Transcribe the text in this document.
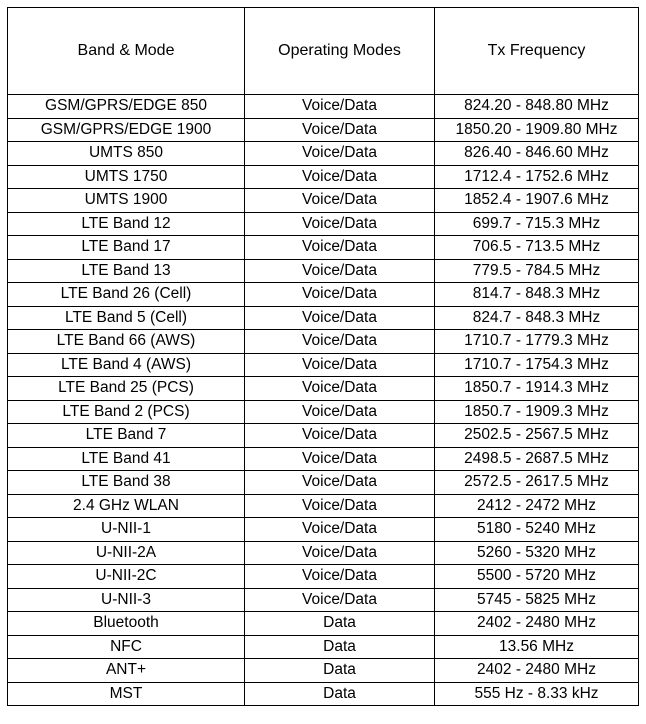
Band & Mode	Operating Modes	Tx Frequency
GSM/GPRS/EDGE 850	Voice/Data	824.20 - 848.80 MHz
GSM/GPRS/EDGE 1900	Voice/Data	1850.20 - 1909.80 MHz
UMTS 850	Voice/Data	826.40 - 846.60 MHz
UMTS 1750	Voice/Data	1712.4 - 1752.6 MHz
UMTS 1900	Voice/Data	1852.4 - 1907.6 MHz
LTE Band 12	Voice/Data	699.7 - 715.3 MHz
LTE Band 17	Voice/Data	706.5 - 713.5 MHz
LTE Band 13	Voice/Data	779.5 - 784.5 MHz
LTE Band 26 (Cell)	Voice/Data	814.7 - 848.3 MHz
LTE Band 5 (Cell)	Voice/Data	824.7 - 848.3 MHz
LTE Band 66 (AWS)	Voice/Data	1710.7 - 1779.3 MHz
LTE Band 4 (AWS)	Voice/Data	1710.7 - 1754.3 MHz
LTE Band 25 (PCS)	Voice/Data	1850.7 - 1914.3 MHz
LTE Band 2 (PCS)	Voice/Data	1850.7 - 1909.3 MHz
LTE Band 7	Voice/Data	2502.5 - 2567.5 MHz
LTE Band 41	Voice/Data	2498.5 - 2687.5 MHz
LTE Band 38	Voice/Data	2572.5 - 2617.5 MHz
2.4 GHz WLAN	Voice/Data	2412 - 2472 MHz
U-NII-1	Voice/Data	5180 - 5240 MHz
U-NII-2A	Voice/Data	5260 - 5320 MHz
U-NII-2C	Voice/Data	5500 - 5720 MHz
U-NII-3	Voice/Data	5745 - 5825 MHz
Bluetooth	Data	2402 - 2480 MHz
NFC	Data	13.56 MHz
ANT+	Data	2402 - 2480 MHz
MST	Data	555 Hz - 8.33 kHz
